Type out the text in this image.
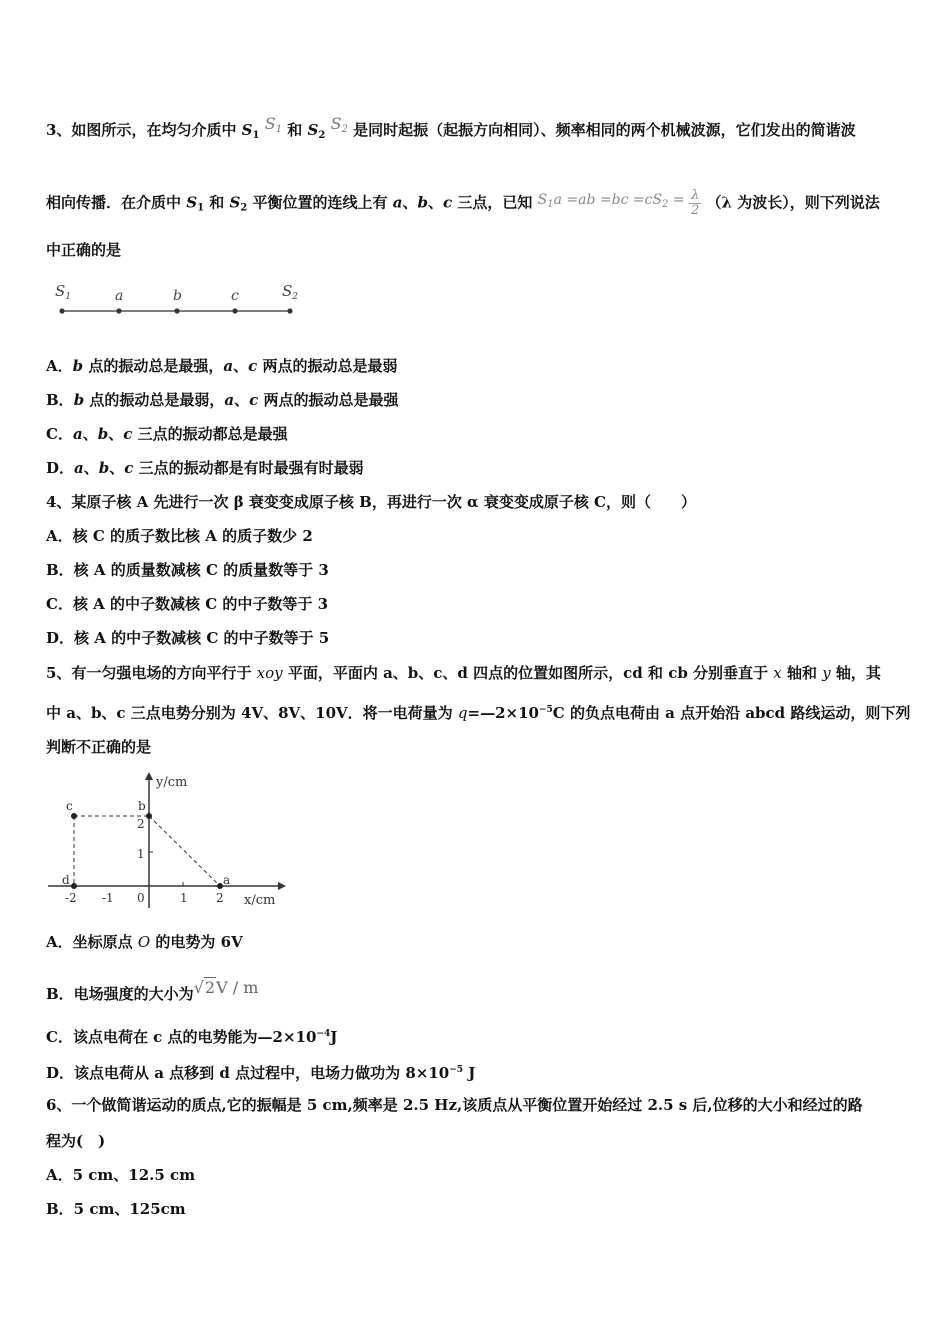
3、如图所示，在均匀介质中 $S_1$ $S_1$ 和 $S_2$ $S_2$ 是同时起振（起振方向相同）、频率相同的两个机械波源，它们发出的简谐波
相向传播．在介质中 $S_1$ 和 $S_2$ 平衡位置的连线上有 a、b、c 三点，已知 $S_1a =ab =bc =cS_2 = \frac{\lambda}{2} (\lambda$ 为波长），则下列说法
中正确的是
$S_1$	a	b	c	$S_2$
A．b 点的振动总是最强，a、c 两点的振动总是最弱
B．b 点的振动总是最弱，a、c 两点的振动总是最强
C．a、b、c 三点的振动都总是最强
D．a、b、c 三点的振动都是有时最强有时最弱
4、某原子核 A 先进行一次 β 衰变变成原子核 B，再进行一次 α 衰变变成原子核 C，则（　　）
A．核 C 的质子数比核 A 的质子数少 2
B．核 A 的质量数减核 C 的质量数等于 3
C．核 A 的中子数减核 C 的中子数等于 3
D．核 A 的中子数减核 C 的中子数等于 5
5、有一匀强电场的方向平行于 xoy 平面，平面内 a、b、c、d 四点的位置如图所示，cd 和 cb 分别垂直于 x 轴和 y 轴，其
中 a、b、c 三点电势分别为 4V、8V、10V．将一电荷量为 $q=—2\times 10^{-5}C$ 的负点电荷由 a 点开始沿 abcd 路线运动，则下列
判断不正确的是
y/cm
x/cm
-2 -1 0	1 2
1
2
a
b
c
d
A．坐标原点 O 的电势为 6V
B．电场强度的大小为√2V / m
C．该点电荷在 c 点的电势能为$—2\times 10^{-4}J$
D．该点电荷从 a 点移到 d 点过程中，电场力做功为 $8\times 10^{-5}$ J
6、一个做简谐运动的质点,它的振幅是 5 cm,频率是 2.5 Hz,该质点从平衡位置开始经过 2.5 s 后,位移的大小和经过的路
程为(　)
A．5 cm、12.5 cm
B．5 cm、125cm
